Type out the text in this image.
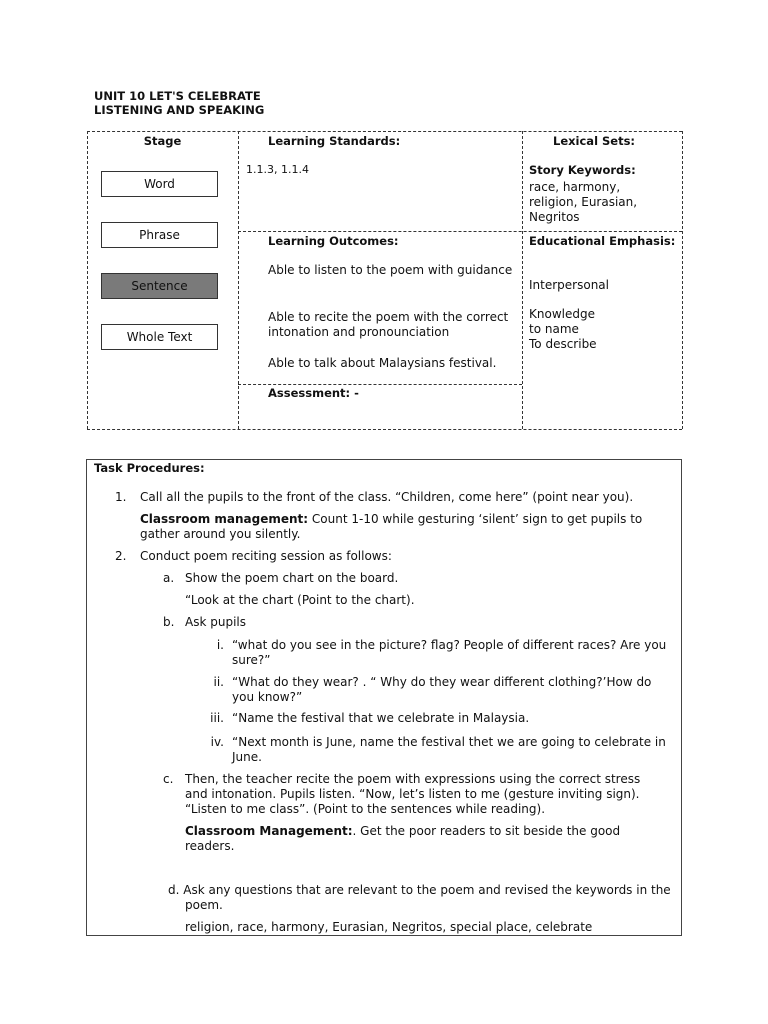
UNIT 10 LET'S CELEBRATE
LISTENING AND SPEAKING
Stage
Word
Phrase
Sentence
Whole Text
Learning Standards:
1.1.3, 1.1.4
Learning Outcomes:
Able to listen to the poem with guidance
Able to recite the poem with the correct intonation and pronounciation
Able to talk about Malaysians festival.
Assessment: -
Lexical Sets:
Story Keywords:
race, harmony, religion, Eurasian, Negritos
Educational Emphasis:
Interpersonal
Knowledge
to name
To describe
Task Procedures:
1. Call all the pupils to the front of the class. “Children, come here” (point near you).
Classroom management: Count 1-10 while gesturing ‘silent’ sign to get pupils to gather around you silently.
2. Conduct poem reciting session as follows:
a. Show the poem chart on the board.
“Look at the chart (Point to the chart).
b. Ask pupils
i. “what do you see in the picture? flag? People of different races? Are you sure?”
ii. “What do they wear? . “ Why do they wear different clothing?’How do you know?”
iii. “Name the festival that we celebrate in Malaysia.
iv. “Next month is June, name the festival thet we are going to celebrate in June.
c. Then, the teacher recite the poem with expressions using the correct stress and intonation. Pupils listen. “Now, let’s listen to me (gesture inviting sign). “Listen to me class”. (Point to the sentences while reading).
Classroom Management:. Get the poor readers to sit beside the good readers.
d. Ask any questions that are relevant to the poem and revised the keywords in the poem.
religion, race, harmony, Eurasian, Negritos, special place, celebrate
